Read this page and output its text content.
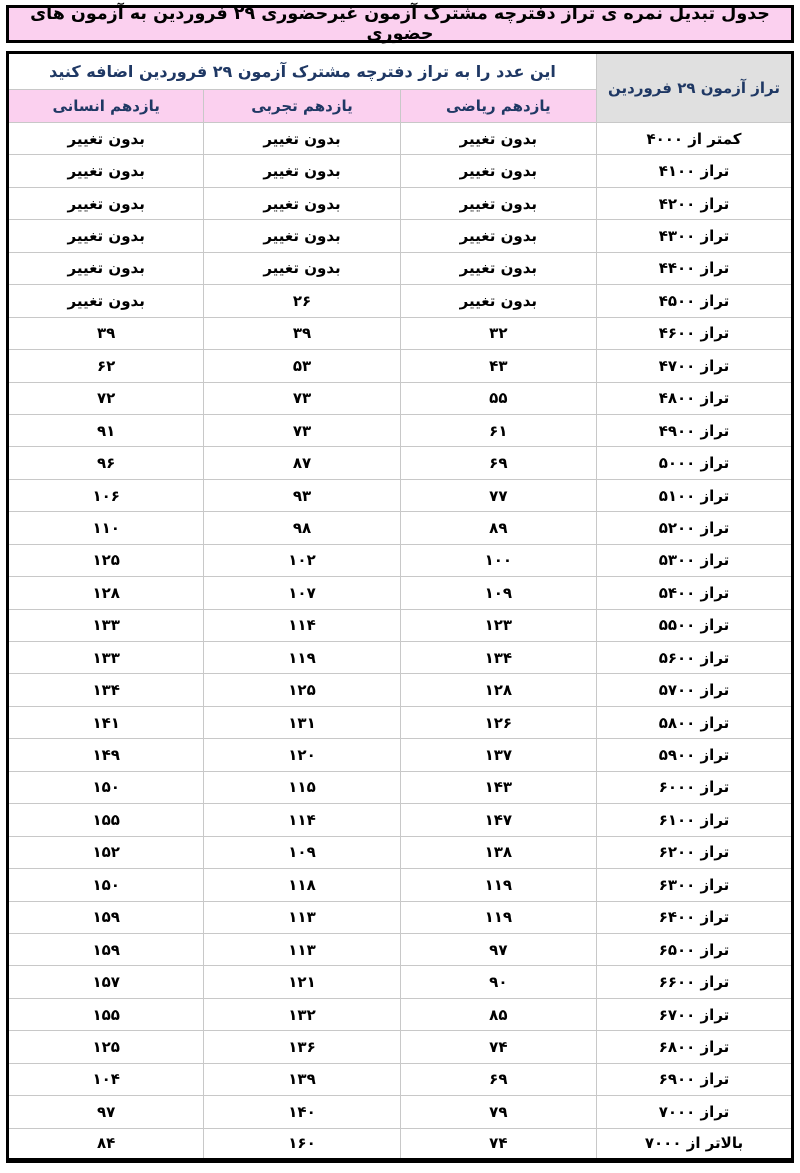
جدول تبدیل نمره ی تراز دفترچه مشترک آزمون غیرحضوری ۲۹ فروردین به آزمون های حضوری
تراز آزمون ۲۹ فروردین	این عدد را به تراز دفترچه مشترک آزمون ۲۹ فروردین اضافه کنید		
	یازدهم ریاضی	یازدهم تجربی	یازدهم انسانی
کمتر از ۴۰۰۰	بدون تغییر	بدون تغییر	بدون تغییر
تراز ۴۱۰۰	بدون تغییر	بدون تغییر	بدون تغییر
تراز ۴۲۰۰	بدون تغییر	بدون تغییر	بدون تغییر
تراز ۴۳۰۰	بدون تغییر	بدون تغییر	بدون تغییر
تراز ۴۴۰۰	بدون تغییر	بدون تغییر	بدون تغییر
تراز ۴۵۰۰	بدون تغییر	۲۶	بدون تغییر
تراز ۴۶۰۰	۳۲	۳۹	۳۹
تراز ۴۷۰۰	۴۳	۵۳	۶۲
تراز ۴۸۰۰	۵۵	۷۳	۷۲
تراز ۴۹۰۰	۶۱	۷۳	۹۱
تراز ۵۰۰۰	۶۹	۸۷	۹۶
تراز ۵۱۰۰	۷۷	۹۳	۱۰۶
تراز ۵۲۰۰	۸۹	۹۸	۱۱۰
تراز ۵۳۰۰	۱۰۰	۱۰۲	۱۲۵
تراز ۵۴۰۰	۱۰۹	۱۰۷	۱۲۸
تراز ۵۵۰۰	۱۲۳	۱۱۴	۱۳۳
تراز ۵۶۰۰	۱۳۴	۱۱۹	۱۳۳
تراز ۵۷۰۰	۱۲۸	۱۲۵	۱۳۴
تراز ۵۸۰۰	۱۲۶	۱۳۱	۱۴۱
تراز ۵۹۰۰	۱۳۷	۱۲۰	۱۴۹
تراز ۶۰۰۰	۱۴۳	۱۱۵	۱۵۰
تراز ۶۱۰۰	۱۴۷	۱۱۴	۱۵۵
تراز ۶۲۰۰	۱۳۸	۱۰۹	۱۵۲
تراز ۶۳۰۰	۱۱۹	۱۱۸	۱۵۰
تراز ۶۴۰۰	۱۱۹	۱۱۳	۱۵۹
تراز ۶۵۰۰	۹۷	۱۱۳	۱۵۹
تراز ۶۶۰۰	۹۰	۱۲۱	۱۵۷
تراز ۶۷۰۰	۸۵	۱۳۲	۱۵۵
تراز ۶۸۰۰	۷۴	۱۳۶	۱۲۵
تراز ۶۹۰۰	۶۹	۱۳۹	۱۰۴
تراز ۷۰۰۰	۷۹	۱۴۰	۹۷
بالاتر از ۷۰۰۰	۷۴	۱۶۰	۸۴
